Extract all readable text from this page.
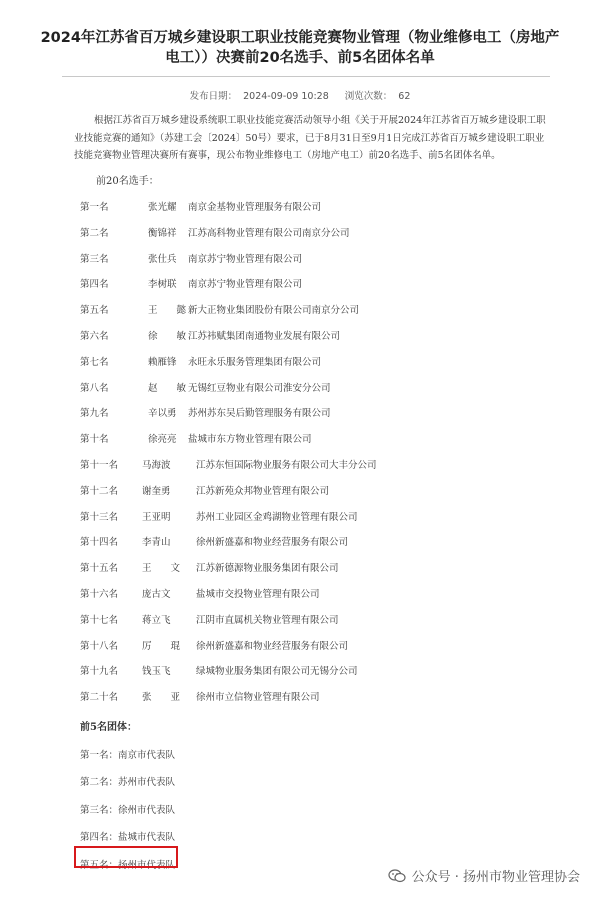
2024年江苏省百万城乡建设职工职业技能竞赛物业管理（物业维修电工（房地产电工））决赛前20名选手、前5名团体名单
发布日期： 2024-09-09 10:28 浏览次数： 62
根据江苏省百万城乡建设系统职工职业技能竞赛活动领导小组《关于开展2024年江苏省百万城乡建设职工职业技能竞赛的通知》（苏建工会〔2024〕50号）要求，已于8月31日至9月1日完成江苏省百万城乡建设职工职业技能竞赛物业管理决赛所有赛事，现公布物业维修电工（房地产电工）前20名选手、前5名团体名单。
前20名选手：
第一名	张光耀 南京金基物业管理服务有限公司
第二名	衡锦祥 江苏高科物业管理有限公司南京分公司
第三名	张仕兵 南京苏宁物业管理有限公司
第四名	李树联 南京苏宁物业管理有限公司
第五名	王　　懿 新大正物业集团股份有限公司南京分公司
第六名	徐　　敏 江苏祎赋集团南通物业发展有限公司
第七名	赖雁锋 永旺永乐服务管理集团有限公司
第八名	赵　　敏 无锡红豆物业有限公司淮安分公司
第九名	辛以勇 苏州苏东吴后勤管理服务有限公司
第十名	徐亮亮 盐城市东方物业管理有限公司
第十一名	马海波	江苏东恒国际物业服务有限公司大丰分公司
第十二名	谢奎勇	江苏新苑众邦物业管理有限公司
第十三名	王亚明	苏州工业园区金鸡湖物业管理有限公司
第十四名	李青山	徐州新盛嘉和物业经营服务有限公司
第十五名	王　　文 江苏新德源物业服务集团有限公司
第十六名	庞古文	盐城市交投物业管理有限公司
第十七名	蒋立飞	江阴市直属机关物业管理有限公司
第十八名	厉　　琨 徐州新盛嘉和物业经营服务有限公司
第十九名	钱玉飞	绿城物业服务集团有限公司无锡分公司
第二十名	张　　亚 徐州市立信物业管理有限公司
前5名团体：
第一名：南京市代表队
第二名：苏州市代表队
第三名：徐州市代表队
第四名：盐城市代表队
第五名：扬州市代表队
公众号 · 扬州市物业管理协会
